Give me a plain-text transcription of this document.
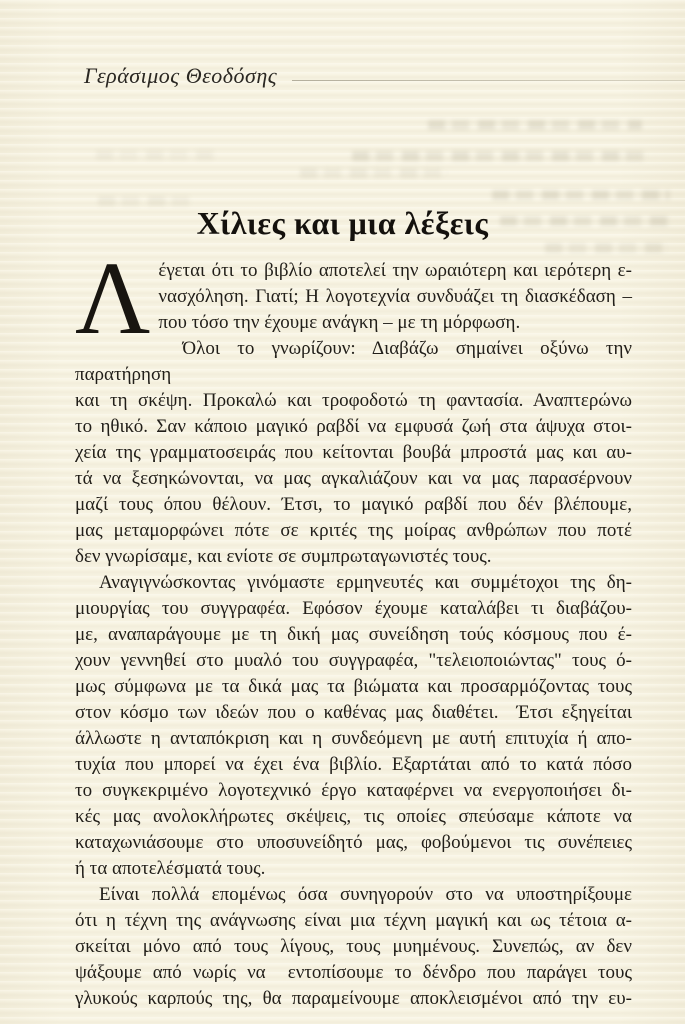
Γεράσιμος Θεοδόσης
Χίλιες και μια λέξεις
Λ έγεται ότι το βιβλίο αποτελεί την ωραιότερη και ιερότερη ε-
νασχόληση. Γιατί; Η λογοτεχνία συνδυάζει τη διασκέδαση –
που τόσο την έχουμε ανάγκη – με τη μόρφωση.
Όλοι το γνωρίζουν: Διαβάζω σημαίνει οξύνω την παρατήρηση
και τη σκέψη. Προκαλώ και τροφοδοτώ τη φαντασία. Αναπτερώνω
το ηθικό. Σαν κάποιο μαγικό ραβδί να εμφυσά ζωή στα άψυχα στοι-
χεία της γραμματοσειράς που κείτονται βουβά μπροστά μας και αυ-
τά να ξεσηκώνονται, να μας αγκαλιάζουν και να μας παρασέρνουν
μαζί τους όπου θέλουν. Έτσι, το μαγικό ραβδί που δέν βλέπουμε,
μας μεταμορφώνει πότε σε κριτές της μοίρας ανθρώπων που ποτέ
δεν γνωρίσαμε, και ενίοτε σε συμπρωταγωνιστές τους.
Αναγιγνώσκοντας γινόμαστε ερμηνευτές και συμμέτοχοι της δη-
μιουργίας του συγγραφέα. Εφόσον έχουμε καταλάβει τι διαβάζου-
με, αναπαράγουμε με τη δική μας συνείδηση τούς κόσμους που έ-
χουν γεννηθεί στο μυαλό του συγγραφέα, "τελειοποιώντας" τους ό-
μως σύμφωνα με τα δικά μας τα βιώματα και προσαρμόζοντας τους
στον κόσμο των ιδεών που ο καθένας μας διαθέτει.  Έτσι εξηγείται
άλλωστε η ανταπόκριση και η συνδεόμενη με αυτή επιτυχία ή απο-
τυχία που μπορεί να έχει ένα βιβλίο. Εξαρτάται από το κατά πόσο
το συγκεκριμένο λογοτεχνικό έργο καταφέρνει να ενεργοποιήσει δι-
κές μας ανολοκλήρωτες σκέψεις, τις οποίες σπεύσαμε κάποτε να
καταχωνιάσουμε στο υποσυνείδητό μας, φοβούμενοι τις συνέπειες
ή τα αποτελέσματά τους.
Είναι πολλά επομένως όσα συνηγορούν στο να υποστηρίξουμε
ότι η τέχνη της ανάγνωσης είναι μια τέχνη μαγική και ως τέτοια α-
σκείται μόνο από τους λίγους, τους μυημένους. Συνεπώς, αν δεν
ψάξουμε από νωρίς να  εντοπίσουμε το δένδρο που παράγει τους
γλυκούς καρπούς της, θα παραμείνουμε αποκλεισμένοι από την ευ-
